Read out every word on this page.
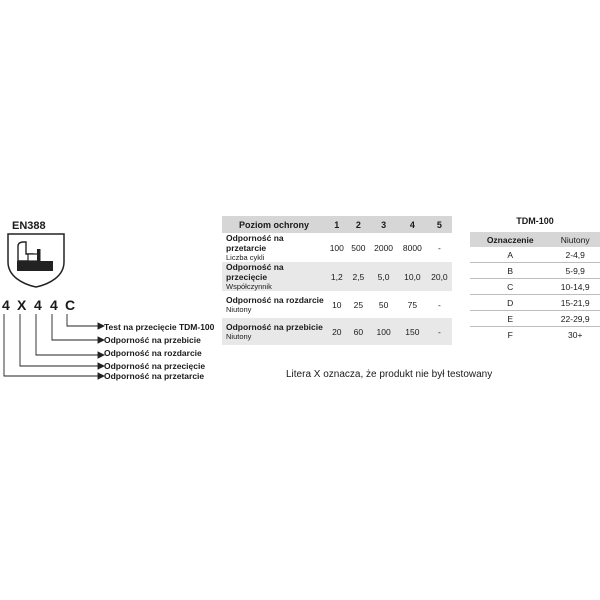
EN388
4 X 4 4 C
Test na przecięcie TDM-100
Odporność na przebicie
Odporność na rozdarcie
Odporność na przecięcie
Odporność na przetarcie
Poziom ochrony	1	2	3	4	5

Odporność na przetarcie
Liczba cykli	100	500	2000	8000	-

Odporność na przecięcie
Współczynnik	1,2	2,5	5,0	10,0	20,0

Odporność na rozdarcie
Niutony	10	25	50	75	-

Odporność na przebicie
Niutony	20	60	100	150	-
Litera X oznacza, że produkt nie był testowany
TDM-100
Oznaczenie	Niutony
A	2-4,9
B	5-9,9
C	10-14,9
D	15-21,9
E	22-29,9
F	30+
